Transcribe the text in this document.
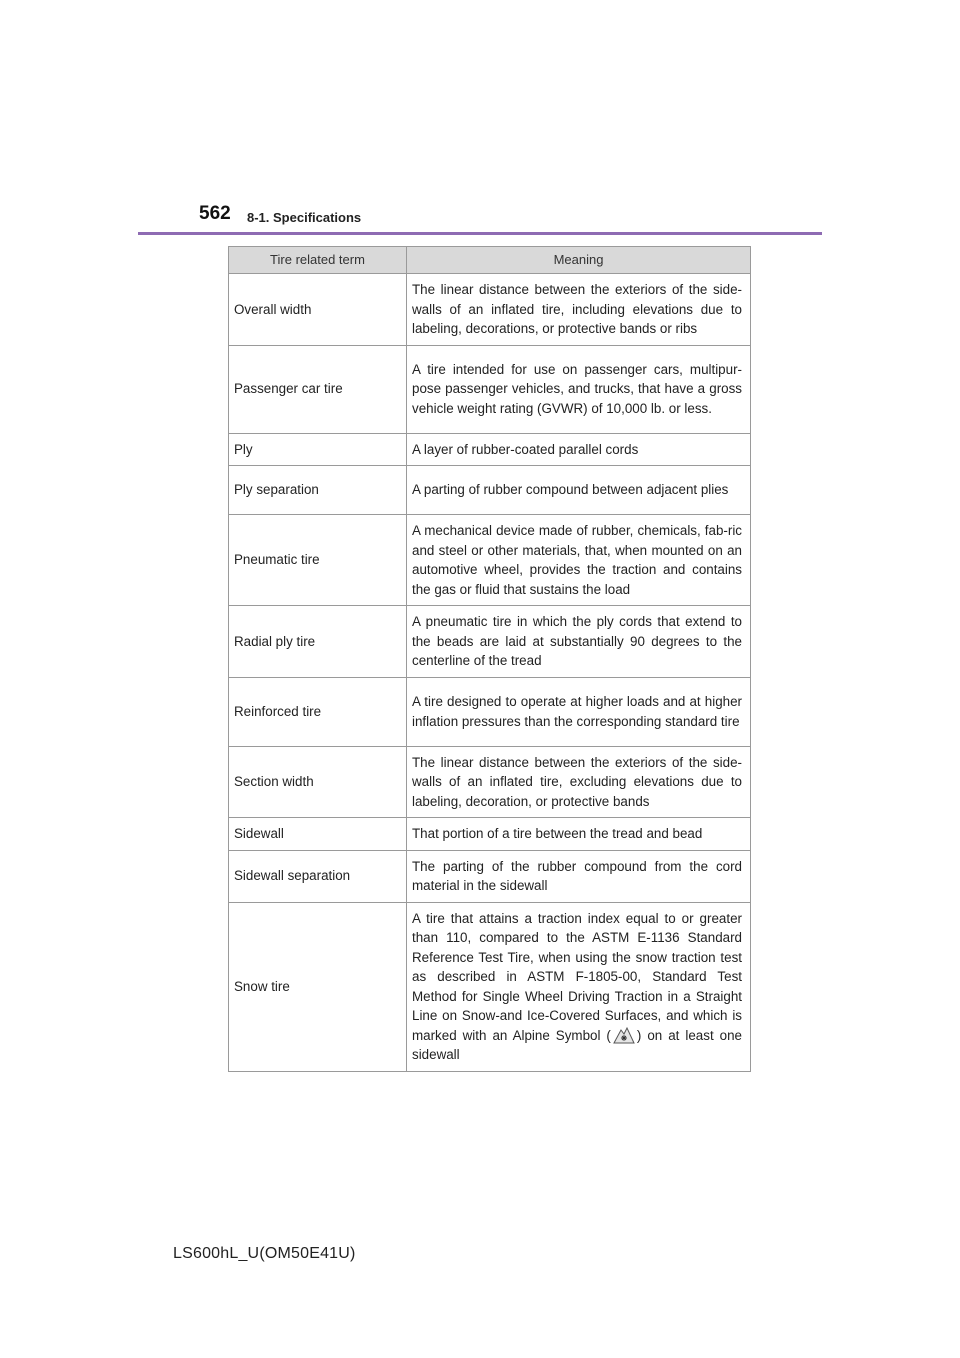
562 8-1. Specifications
Tire related term	Meaning
Overall width	The linear distance between the exteriors of the side-walls of an inflated tire, including elevations due to labeling, decorations, or protective bands or ribs
Passenger car tire	A tire intended for use on passenger cars, multipur-pose passenger vehicles, and trucks, that have a gross vehicle weight rating (GVWR) of 10,000 lb. or less.
Ply	A layer of rubber-coated parallel cords
Ply separation	A parting of rubber compound between adjacent plies
Pneumatic tire	A mechanical device made of rubber, chemicals, fab-ric and steel or other materials, that, when mounted on an automotive wheel, provides the traction and contains the gas or fluid that sustains the load
Radial ply tire	A pneumatic tire in which the ply cords that extend to the beads are laid at substantially 90 degrees to the centerline of the tread
Reinforced tire	A tire designed to operate at higher loads and at higher inflation pressures than the corresponding standard tire
Section width	The linear distance between the exteriors of the side-walls of an inflated tire, excluding elevations due to labeling, decoration, or protective bands
Sidewall	That portion of a tire between the tread and bead
Sidewall separation	The parting of the rubber compound from the cord material in the sidewall
Snow tire	A tire that attains a traction index equal to or greater than 110, compared to the ASTM E-1136 Standard Reference Test Tire, when using the snow traction test as described in ASTM F-1805-00, Standard Test Method for Single Wheel Driving Traction in a Straight Line on Snow-and Ice-Covered Surfaces, and which is marked with an Alpine Symbol ( ) on at least one sidewall
LS600hL_U(OM50E41U)
